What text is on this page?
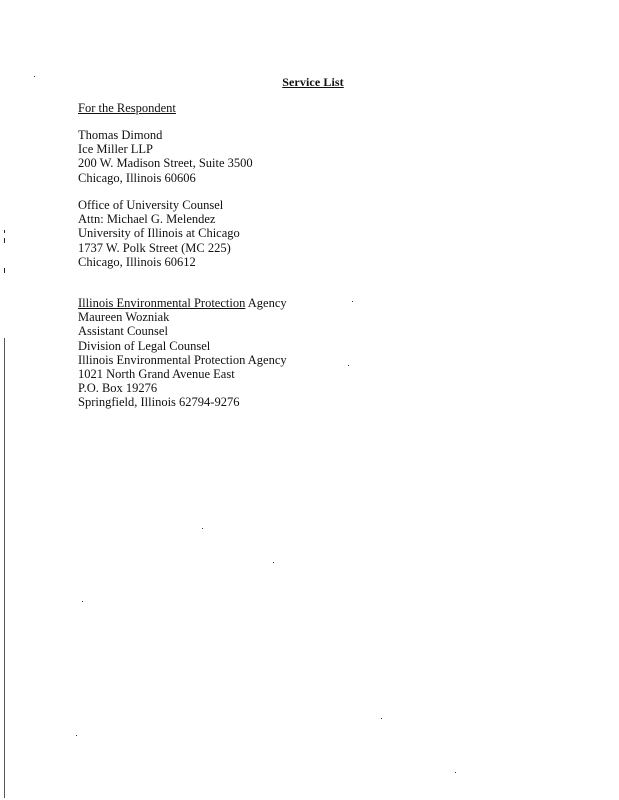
Service List
For the Respondent
Thomas Dimond
Ice Miller LLP
200 W. Madison Street, Suite 3500
Chicago, Illinois 60606
Office of University Counsel
Attn: Michael G. Melendez
University of Illinois at Chicago
1737 W. Polk Street (MC 225)
Chicago, Illinois 60612
Illinois Environmental Protection Agency
Maureen Wozniak
Assistant Counsel
Division of Legal Counsel
Illinois Environmental Protection Agency
1021 North Grand Avenue East
P.O. Box 19276
Springfield, Illinois 62794-9276
